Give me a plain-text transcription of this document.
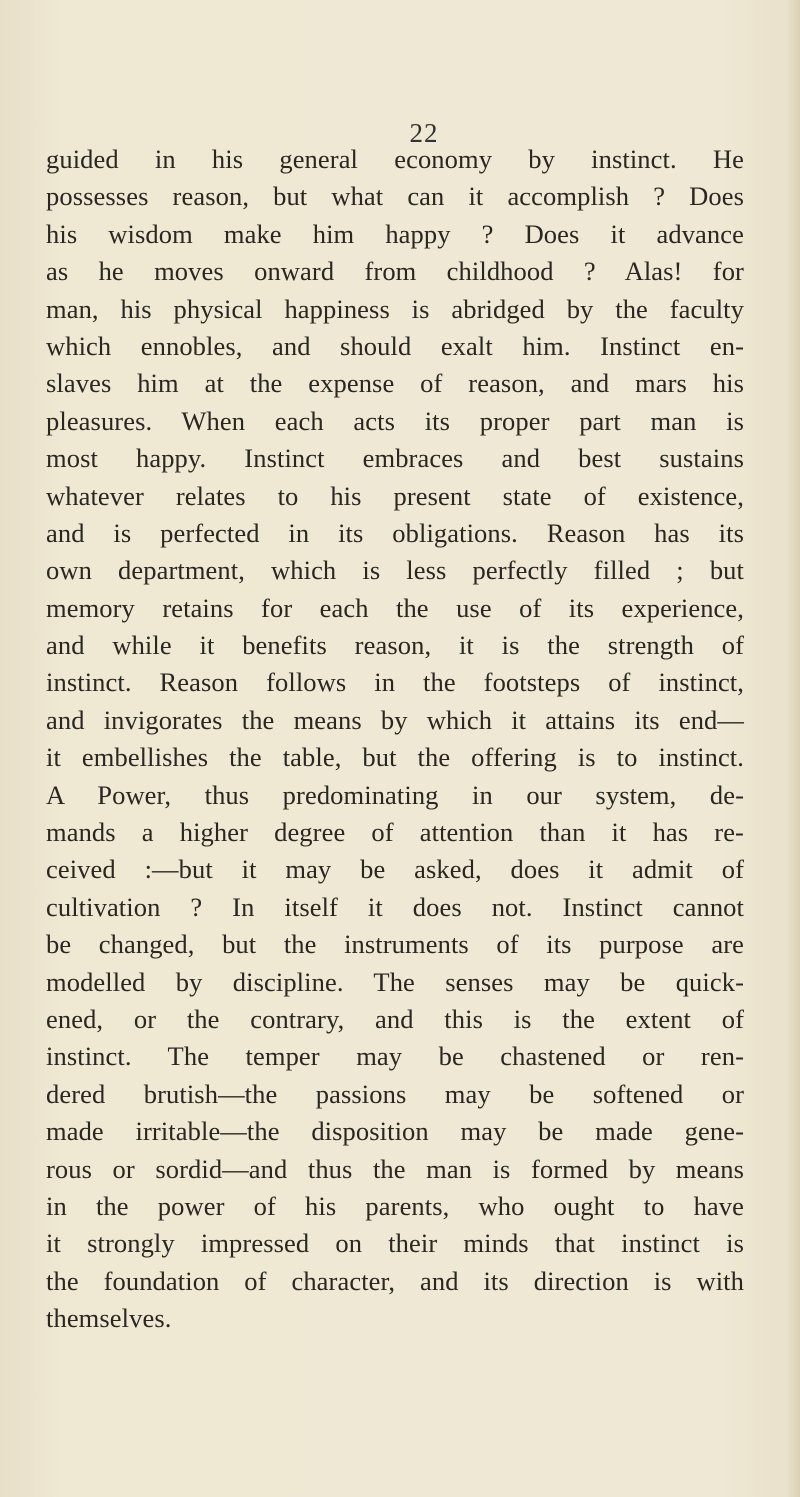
22
guided in his general economy by instinct. He
possesses reason, but what can it accomplish ? Does
his wisdom make him happy ? Does it advance
as he moves onward from childhood ? Alas! for
man, his physical happiness is abridged by the faculty
which ennobles, and should exalt him. Instinct en-
slaves him at the expense of reason, and mars his
pleasures. When each acts its proper part man is
most happy. Instinct embraces and best sustains
whatever relates to his present state of existence,
and is perfected in its obligations. Reason has its
own department, which is less perfectly filled ; but
memory retains for each the use of its experience,
and while it benefits reason, it is the strength of
instinct. Reason follows in the footsteps of instinct,
and invigorates the means by which it attains its end—
it embellishes the table, but the offering is to instinct.
A Power, thus predominating in our system, de-
mands a higher degree of attention than it has re-
ceived :—but it may be asked, does it admit of
cultivation ? In itself it does not. Instinct cannot
be changed, but the instruments of its purpose are
modelled by discipline. The senses may be quick-
ened, or the contrary, and this is the extent of
instinct. The temper may be chastened or ren-
dered brutish—the passions may be softened or
made irritable—the disposition may be made gene-
rous or sordid—and thus the man is formed by means
in the power of his parents, who ought to have
it strongly impressed on their minds that instinct is
the foundation of character, and its direction is with
themselves.
